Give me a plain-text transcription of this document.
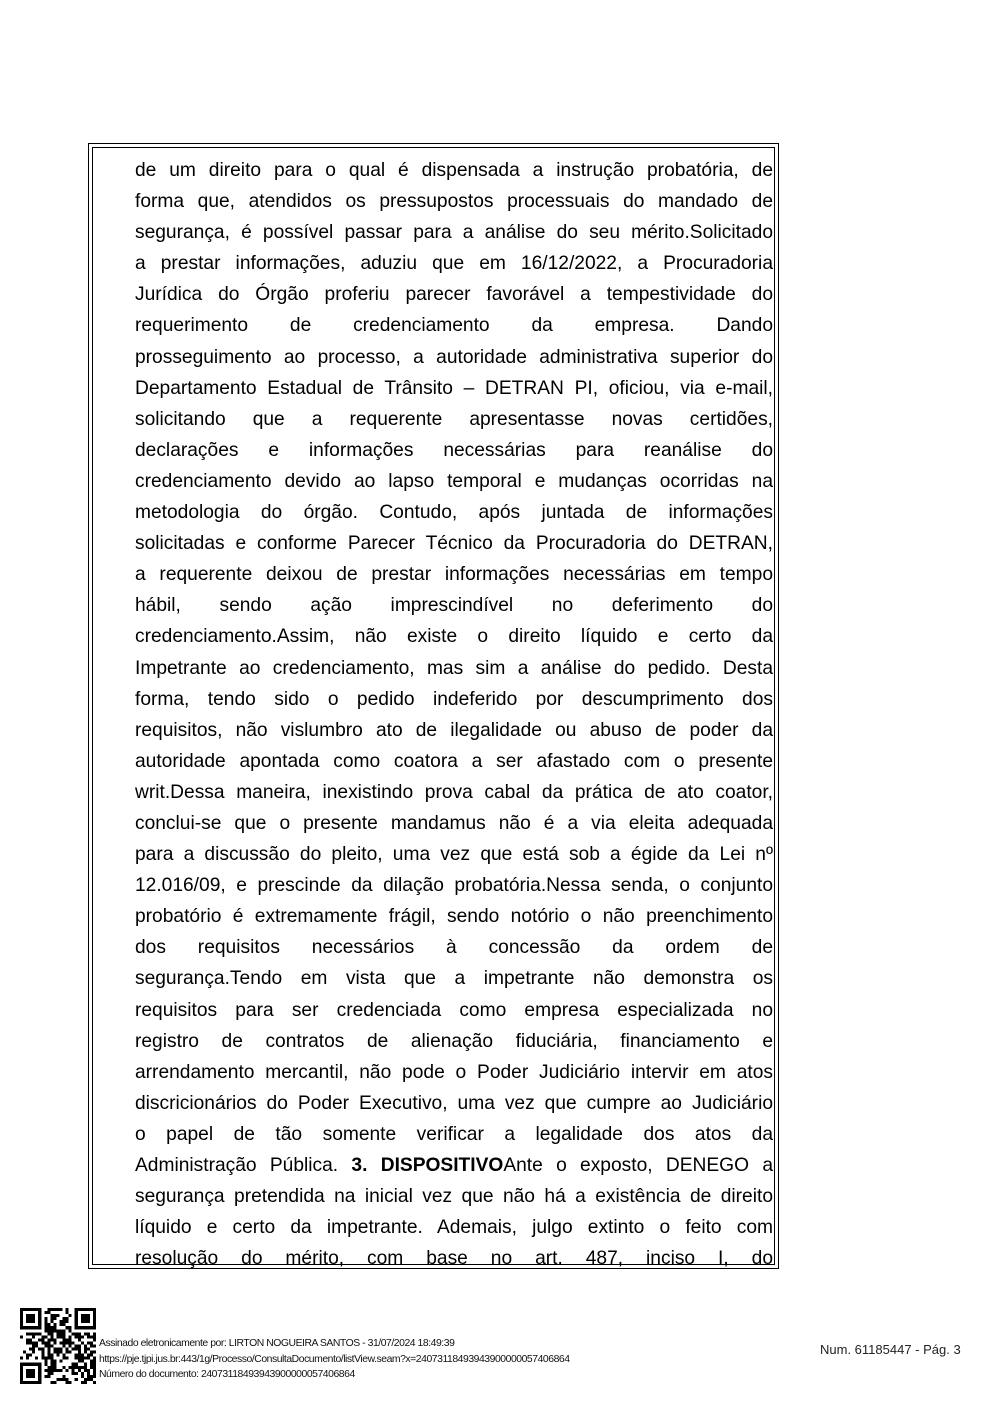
de um direito para o qual é dispensada a instrução probatória, de
forma que, atendidos os pressupostos processuais do mandado de
segurança, é possível passar para a análise do seu mérito.Solicitado
a prestar informações, aduziu que em 16/12/2022, a Procuradoria
Jurídica do Órgão proferiu parecer favorável a tempestividade do
requerimento de credenciamento da empresa. Dando
prosseguimento ao processo, a autoridade administrativa superior do
Departamento Estadual de Trânsito – DETRAN PI, oficiou, via e-mail,
solicitando que a requerente apresentasse novas certidões,
declarações e informações necessárias para reanálise do
credenciamento devido ao lapso temporal e mudanças ocorridas na
metodologia do órgão. Contudo, após juntada de informações
solicitadas e conforme Parecer Técnico da Procuradoria do DETRAN,
a requerente deixou de prestar informações necessárias em tempo
hábil, sendo ação imprescindível no deferimento do
credenciamento.Assim, não existe o direito líquido e certo da
Impetrante ao credenciamento, mas sim a análise do pedido. Desta
forma, tendo sido o pedido indeferido por descumprimento dos
requisitos, não vislumbro ato de ilegalidade ou abuso de poder da
autoridade apontada como coatora a ser afastado com o presente
writ.Dessa maneira, inexistindo prova cabal da prática de ato coator,
conclui-se que o presente mandamus não é a via eleita adequada
para a discussão do pleito, uma vez que está sob a égide da Lei nº
12.016/09, e prescinde da dilação probatória.Nessa senda, o conjunto
probatório é extremamente frágil, sendo notório o não preenchimento
dos requisitos necessários à concessão da ordem de
segurança.Tendo em vista que a impetrante não demonstra os
requisitos para ser credenciada como empresa especializada no
registro de contratos de alienação fiduciária, financiamento e
arrendamento mercantil, não pode o Poder Judiciário intervir em atos
discricionários do Poder Executivo, uma vez que cumpre ao Judiciário
o papel de tão somente verificar a legalidade dos atos da
Administração Pública. 3. DISPOSITIVOAnte o exposto, DENEGO a
segurança pretendida na inicial vez que não há a existência de direito
líquido e certo da impetrante. Ademais, julgo extinto o feito com
resolução do mérito, com base no art. 487, inciso I, do
Assinado eletronicamente por: LIRTON NOGUEIRA SANTOS - 31/07/2024 18:49:39
https://pje.tjpi.jus.br:443/1g/Processo/ConsultaDocumento/listView.seam?x=24073118493943900000057406864
Número do documento: 24073118493943900000057406864
Num. 61185447 - Pág. 3
